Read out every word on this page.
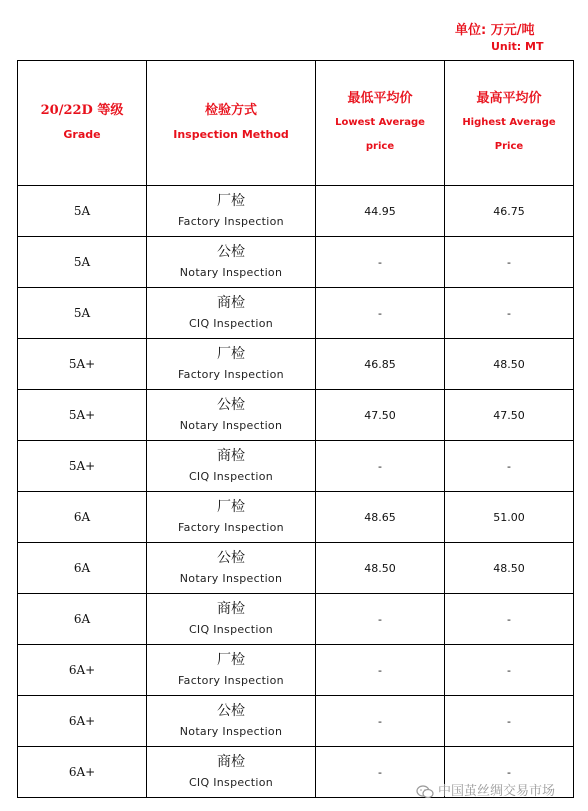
单位: 万元/吨
Unit: MT
20/22D 等级
Grade	检验方式
Inspection Method	最低平均价
Lowest Average
price	最高平均价
Highest Average
Price

5A	厂检
Factory Inspection	44.95	46.75
5A	公检
Notary Inspection	-	-
5A	商检
CIQ Inspection	-	-
5A+	厂检
Factory Inspection	46.85	48.50
5A+	公检
Notary Inspection	47.50	47.50
5A+	商检
CIQ Inspection	-	-
6A	厂检
Factory Inspection	48.65	51.00
6A	公检
Notary Inspection	48.50	48.50
6A	商检
CIQ Inspection	-	-
6A+	厂检
Factory Inspection	-	-
6A+	公检
Notary Inspection	-	-
6A+	商检
CIQ Inspection	-	-
中国茧丝绸交易市场
